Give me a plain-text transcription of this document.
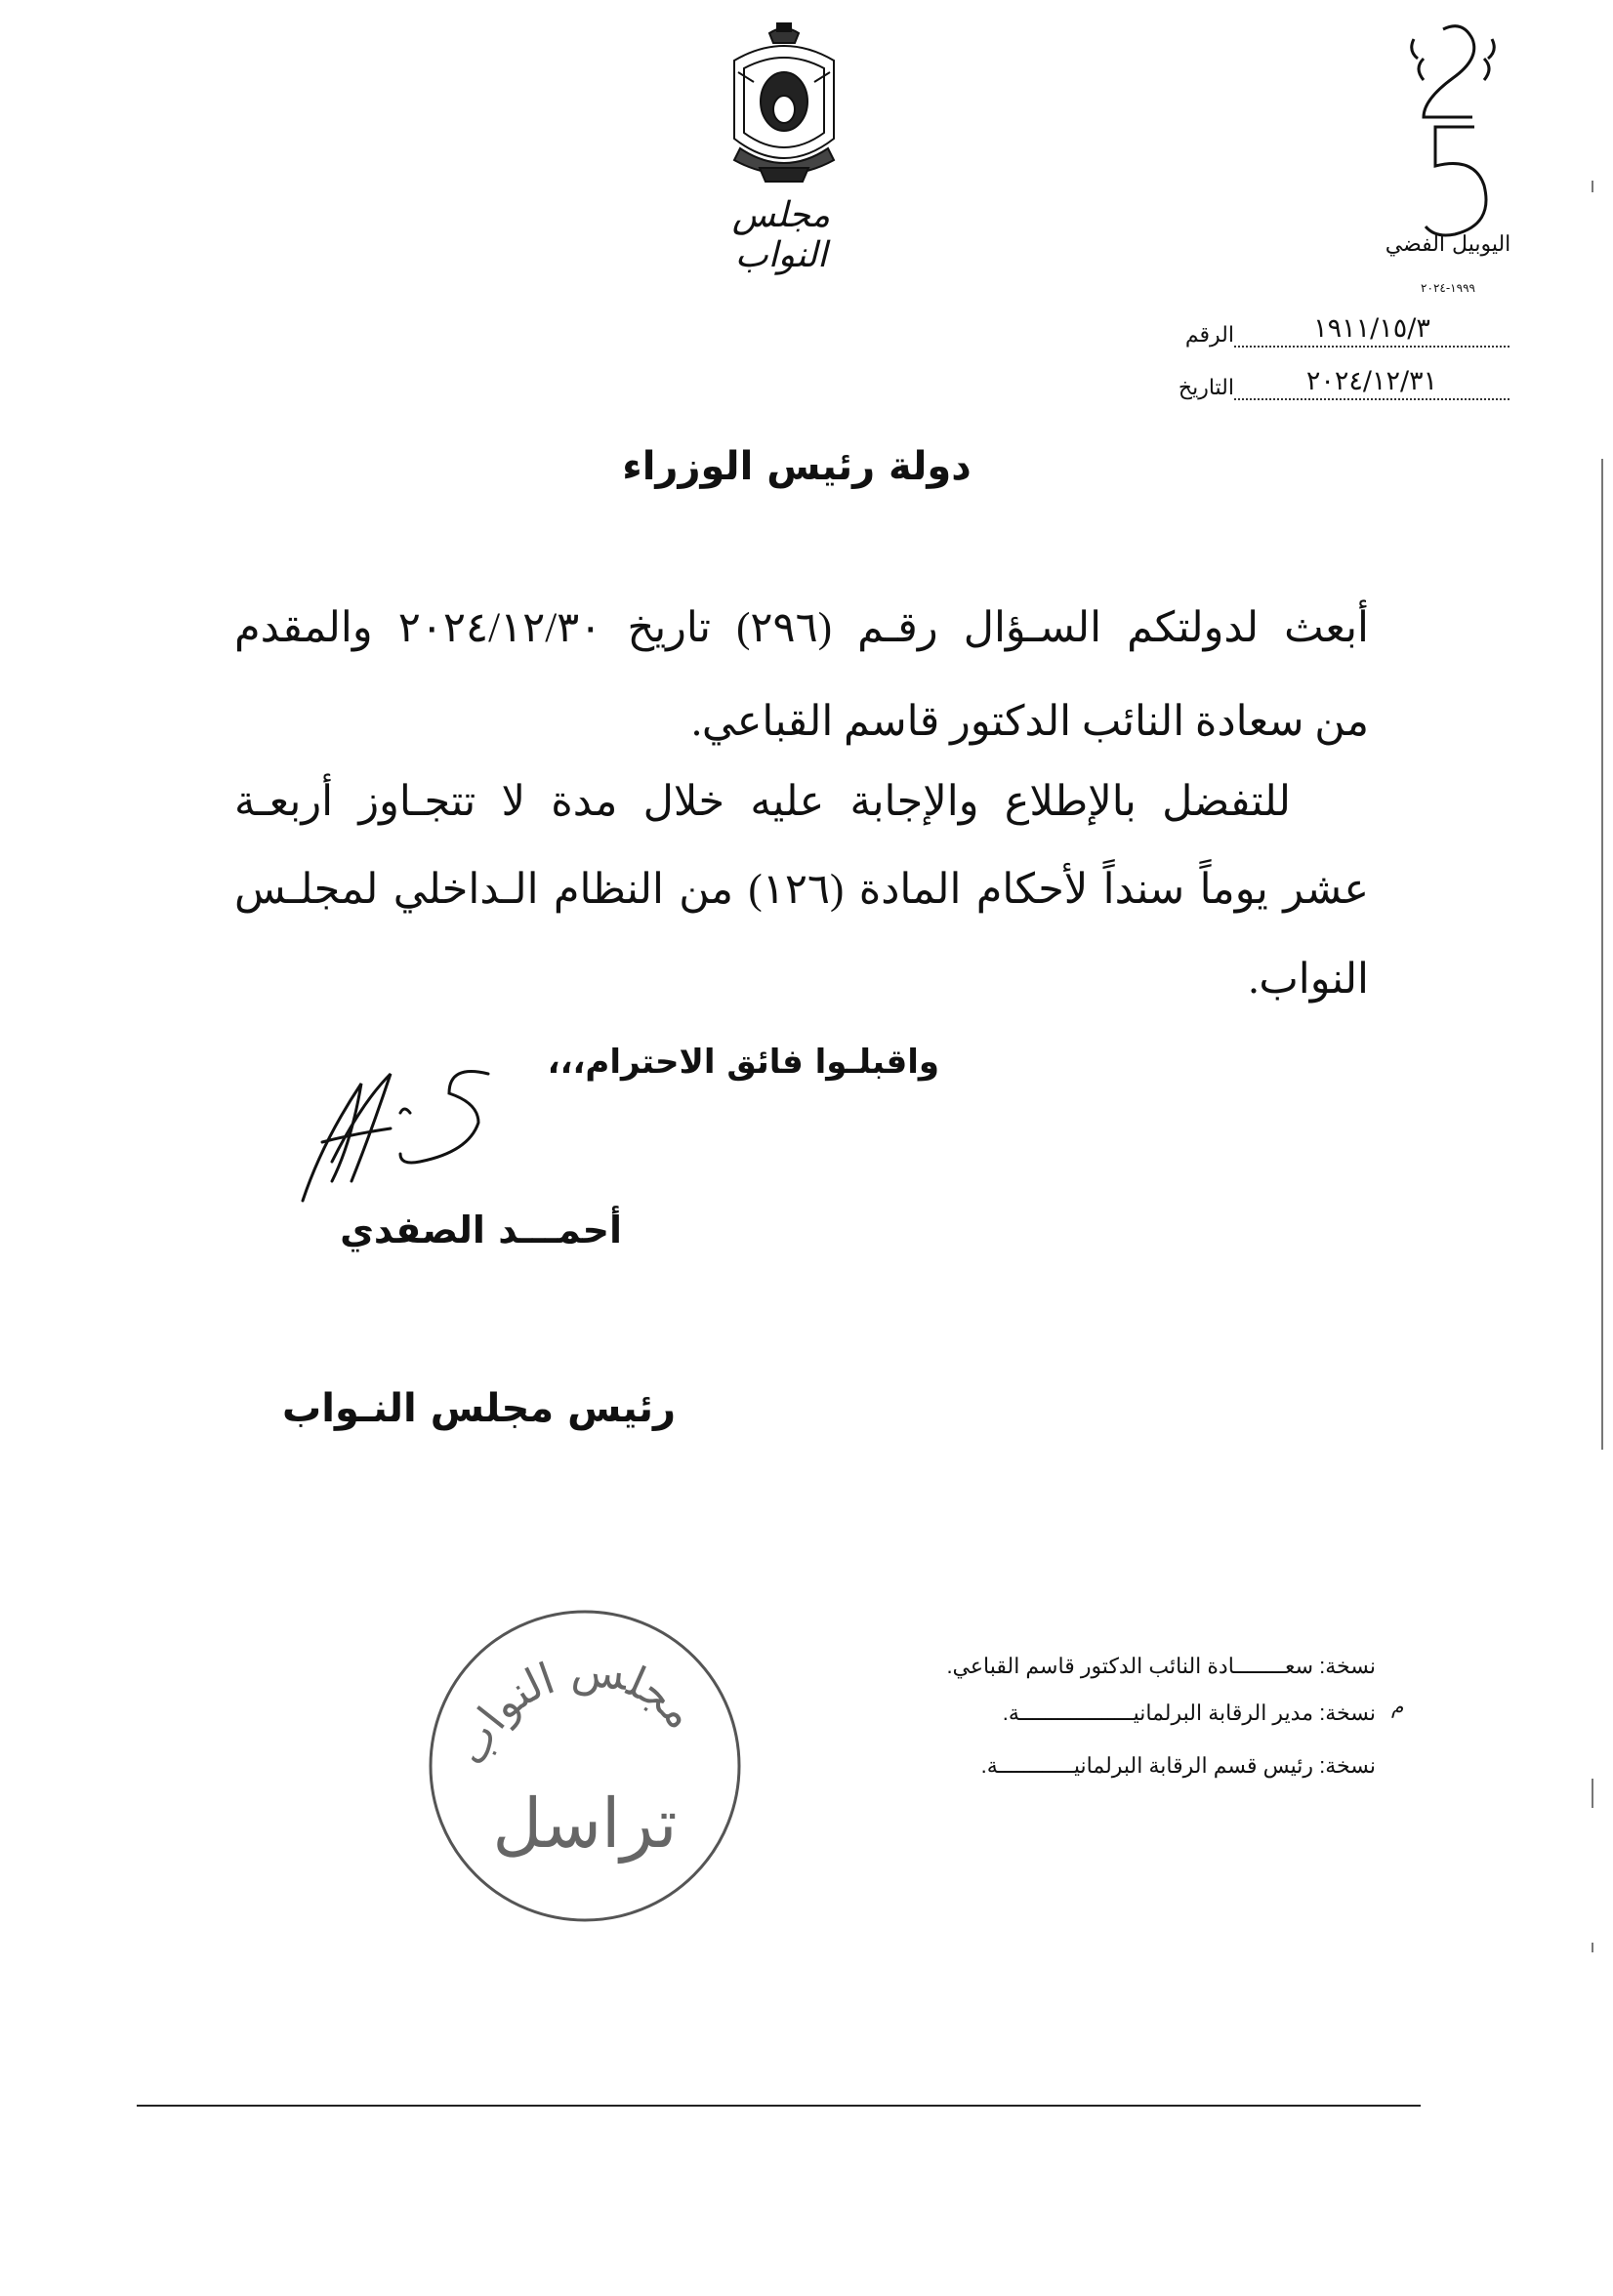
مجلس النواب	اليوبيل الفضي
١٩٩٩-٢٠٢٤
الرقم	١٩١١/١٥/٣
التاريخ	٢٠٢٤/١٢/٣١
دولة رئيس الوزراء
أبعث لدولتكم السـؤال رقـم (٢٩٦) تاريخ ٢٠٢٤/١٢/٣٠ والمقدم
من سعادة النائب الدكتور قاسم القباعي.
للتفضل بالإطلاع والإجابة عليه خلال مدة لا تتجـاوز أربعـة
عشر يوماً سنداً لأحكام المادة (١٢٦) من النظام الـداخلي لمجلـس
النواب.
واقبلـوا فائق الاحترام،،،
أحمـــد الصفدي
رئيس مجلس النـواب
نسخة: سعــــــــادة النائب الدكتور قاسم القباعي.
نسخة: مدير الرقابة البرلمانيــــــــــــــــــة.
نسخة: رئيس قسم الرقابة البرلمانيــــــــــــة.
م
مجلس النواب
تراسل
